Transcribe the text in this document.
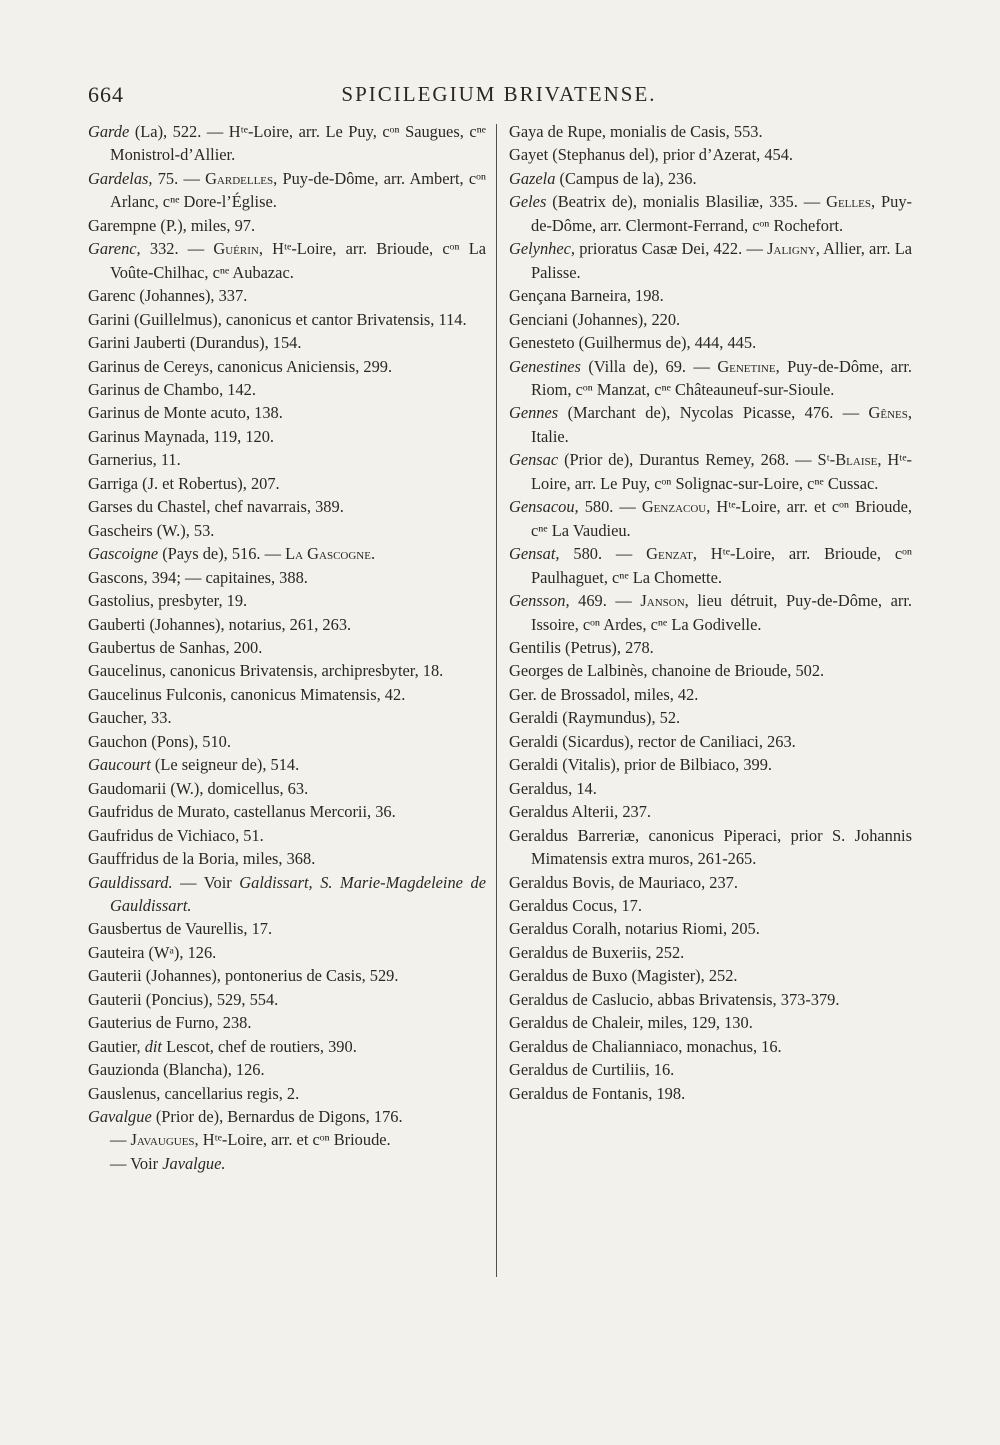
664	SPICILEGIUM BRIVATENSE.
Garde (La), 522. — Hᵗᵉ-Loire, arr. Le Puy, cᵒⁿ Saugues, cⁿᵉ Monistrol-d’Allier.
Gardelas, 75. — Gardelles, Puy-de-Dôme, arr. Ambert, cᵒⁿ Arlanc, cⁿᵉ Dore-l’Église.
Garempne (P.), miles, 97.
Garenc, 332. — Guérin, Hᵗᵉ-Loire, arr. Brioude, cᵒⁿ La Voûte-Chilhac, cⁿᵉ Aubazac.
Garenc (Johannes), 337.
Garini (Guillelmus), canonicus et cantor Brivatensis, 114.
Garini Jauberti (Durandus), 154.
Garinus de Cereys, canonicus Aniciensis, 299.
Garinus de Chambo, 142.
Garinus de Monte acuto, 138.
Garinus Maynada, 119, 120.
Garnerius, 11.
Garriga (J. et Robertus), 207.
Garses du Chastel, chef navarrais, 389.
Gascheirs (W.), 53.
Gascoigne (Pays de), 516. — La Gascogne.
Gascons, 394; — capitaines, 388.
Gastolius, presbyter, 19.
Gauberti (Johannes), notarius, 261, 263.
Gaubertus de Sanhas, 200.
Gaucelinus, canonicus Brivatensis, archipresbyter, 18.
Gaucelinus Fulconis, canonicus Mimatensis, 42.
Gaucher, 33.
Gauchon (Pons), 510.
Gaucourt (Le seigneur de), 514.
Gaudomarii (W.), domicellus, 63.
Gaufridus de Murato, castellanus Mercorii, 36.
Gaufridus de Vichiaco, 51.
Gauffridus de la Boria, miles, 368.
Gauldissard. — Voir Galdissart, S. Marie-Magdeleine de Gauldissart.
Gausbertus de Vaurellis, 17.
Gauteira (Wᵃ), 126.
Gauterii (Johannes), pontonerius de Casis, 529.
Gauterii (Poncius), 529, 554.
Gauterius de Furno, 238.
Gautier, dit Lescot, chef de routiers, 390.
Gauzionda (Blancha), 126.
Gauslenus, cancellarius regis, 2.
Gavalgue (Prior de), Bernardus de Digons, 176.
— Javaugues, Hᵗᵉ-Loire, arr. et cᵒⁿ Brioude.
— Voir Javalgue.
Gaya de Rupe, monialis de Casis, 553.
Gayet (Stephanus del), prior d’Azerat, 454.
Gazela (Campus de la), 236.
Geles (Beatrix de), monialis Blasiliæ, 335. — Gelles, Puy-de-Dôme, arr. Clermont-Ferrand, cᵒⁿ Rochefort.
Gelynhec, prioratus Casæ Dei, 422. — Jaligny, Allier, arr. La Palisse.
Gençana Barneira, 198.
Genciani (Johannes), 220.
Genesteto (Guilhermus de), 444, 445.
Genestines (Villa de), 69. — Genetine, Puy-de-Dôme, arr. Riom, cᵒⁿ Manzat, cⁿᵉ Châteauneuf-sur-Sioule.
Gennes (Marchant de), Nycolas Picasse, 476. — Gênes, Italie.
Gensac (Prior de), Durantus Remey, 268. — Sᵗ-Blaise, Hᵗᵉ-Loire, arr. Le Puy, cᵒⁿ Solignac-sur-Loire, cⁿᵉ Cussac.
Gensacou, 580. — Genzacou, Hᵗᵉ-Loire, arr. et cᵒⁿ Brioude, cⁿᵉ La Vaudieu.
Gensat, 580. — Genzat, Hᵗᵉ-Loire, arr. Brioude, cᵒⁿ Paulhaguet, cⁿᵉ La Chomette.
Gensson, 469. — Janson, lieu détruit, Puy-de-Dôme, arr. Issoire, cᵒⁿ Ardes, cⁿᵉ La Godivelle.
Gentilis (Petrus), 278.
Georges de Lalbinès, chanoine de Brioude, 502.
Ger. de Brossadol, miles, 42.
Geraldi (Raymundus), 52.
Geraldi (Sicardus), rector de Caniliaci, 263.
Geraldi (Vitalis), prior de Bilbiaco, 399.
Geraldus, 14.
Geraldus Alterii, 237.
Geraldus Barreriæ, canonicus Piperaci, prior S. Johannis Mimatensis extra muros, 261-265.
Geraldus Bovis, de Mauriaco, 237.
Geraldus Cocus, 17.
Geraldus Coralh, notarius Riomi, 205.
Geraldus de Buxeriis, 252.
Geraldus de Buxo (Magister), 252.
Geraldus de Caslucio, abbas Brivatensis, 373-379.
Geraldus de Chaleir, miles, 129, 130.
Geraldus de Chalianniaco, monachus, 16.
Geraldus de Curtiliis, 16.
Geraldus de Fontanis, 198.
